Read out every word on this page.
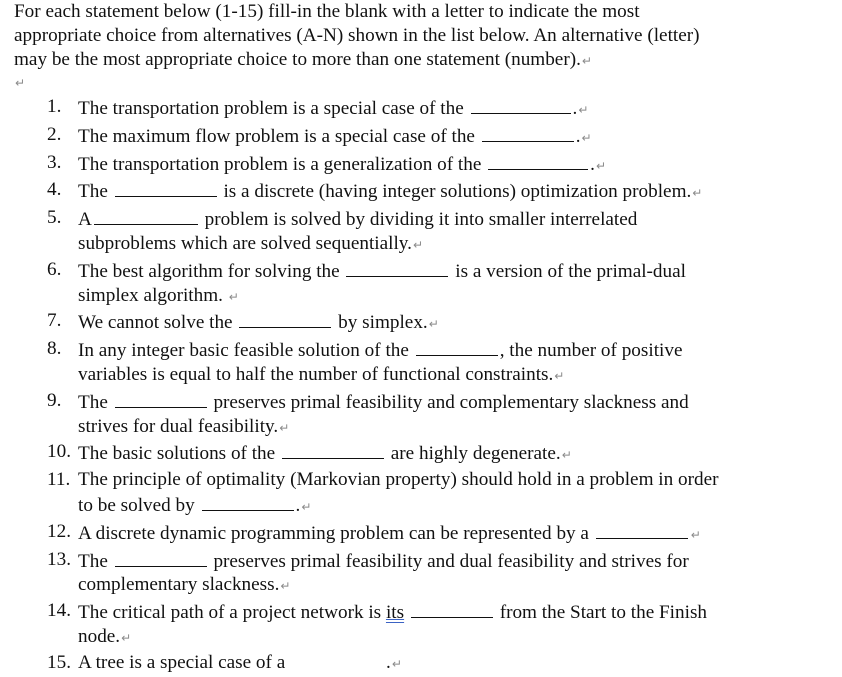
For each statement below (1-15) fill-in the blank with a letter to indicate the most

appropriate choice from alternatives (A-N) shown in the list below. An alternative (letter)

may be the most appropriate choice to more than one statement (number).↵

↵
1. The transportation problem is a special case of the	.↵
2. The maximum flow problem is a special case of the	.↵
3. The transportation problem is a generalization of the	.↵
4. The	is a discrete (having integer solutions) optimization problem.↵
5. A	problem is solved by dividing it into smaller interrelated
subproblems which are solved sequentially.↵
6. The best algorithm for solving the	is a version of the primal-dual
simplex algorithm. ↵
7. We cannot solve the	by simplex.↵
8. In any integer basic feasible solution of the	, the number of positive
variables is equal to half the number of functional constraints.↵
9. The	preserves primal feasibility and complementary slackness and
strives for dual feasibility.↵
10. The basic solutions of the	are highly degenerate.↵
11. The principle of optimality (Markovian property) should hold in a problem in order
to be solved by	.↵
12. A discrete dynamic programming problem can be represented by a	↵
13. The	preserves primal feasibility and dual feasibility and strives for
complementary slackness.↵
14. The critical path of a project network is its	from the Start to the Finish
node.↵
15. A tree is a special case of a	.↵
